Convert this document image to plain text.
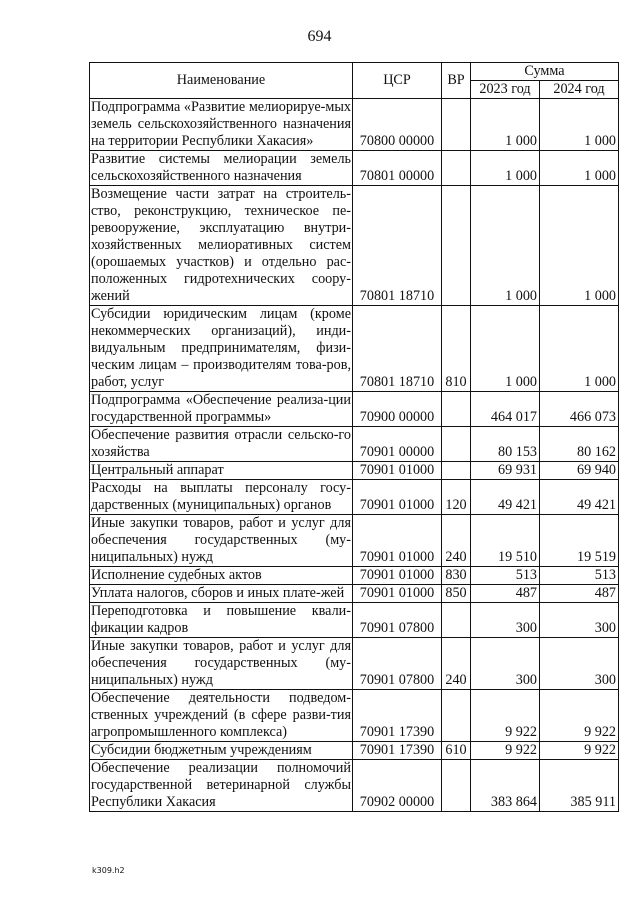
694
Наименование	ЦСР	ВР	Сумма	
			2023 год	2024 год
Подпрограмма «Развитие мелиорируе-мых земель сельскохозяйственного назначения на территории Республики Хакасия»	70800 00000		1 000	1 000
Развитие системы мелиорации земель сельскохозяйственного назначения	70801 00000		1 000	1 000
Возмещение части затрат на строитель-ство, реконструкцию, техническое пе-ревооружение, эксплуатацию внутри-хозяйственных мелиоративных систем (орошаемых участков) и отдельно рас-положенных гидротехнических соору-жений	70801 18710		1 000	1 000
Субсидии юридическим лицам (кроме некоммерческих организаций), инди-видуальным предпринимателям, физи-ческим лицам – производителям това-ров, работ, услуг	70801 18710	810	1 000	1 000
Подпрограмма «Обеспечение реализа-ции государственной программы»	70900 00000		464 017	466 073
Обеспечение развития отрасли сельско-го хозяйства	70901 00000		80 153	80 162
Центральный аппарат	70901 01000		69 931	69 940
Расходы на выплаты персоналу госу-дарственных (муниципальных) органов	70901 01000	120	49 421	49 421
Иные закупки товаров, работ и услуг для обеспечения государственных (му-ниципальных) нужд	70901 01000	240	19 510	19 519
Исполнение судебных актов	70901 01000	830	513	513
Уплата налогов, сборов и иных плате-жей	70901 01000	850	487	487
Переподготовка и повышение квали-фикации кадров	70901 07800		300	300
Иные закупки товаров, работ и услуг для обеспечения государственных (му-ниципальных) нужд	70901 07800	240	300	300
Обеспечение деятельности подведом-ственных учреждений (в сфере разви-тия агропромышленного комплекса)	70901 17390		9 922	9 922
Субсидии бюджетным учреждениям	70901 17390	610	9 922	9 922
Обеспечение реализации полномочий государственной ветеринарной службы Республики Хакасия	70902 00000		383 864	385 911
k309.h2
